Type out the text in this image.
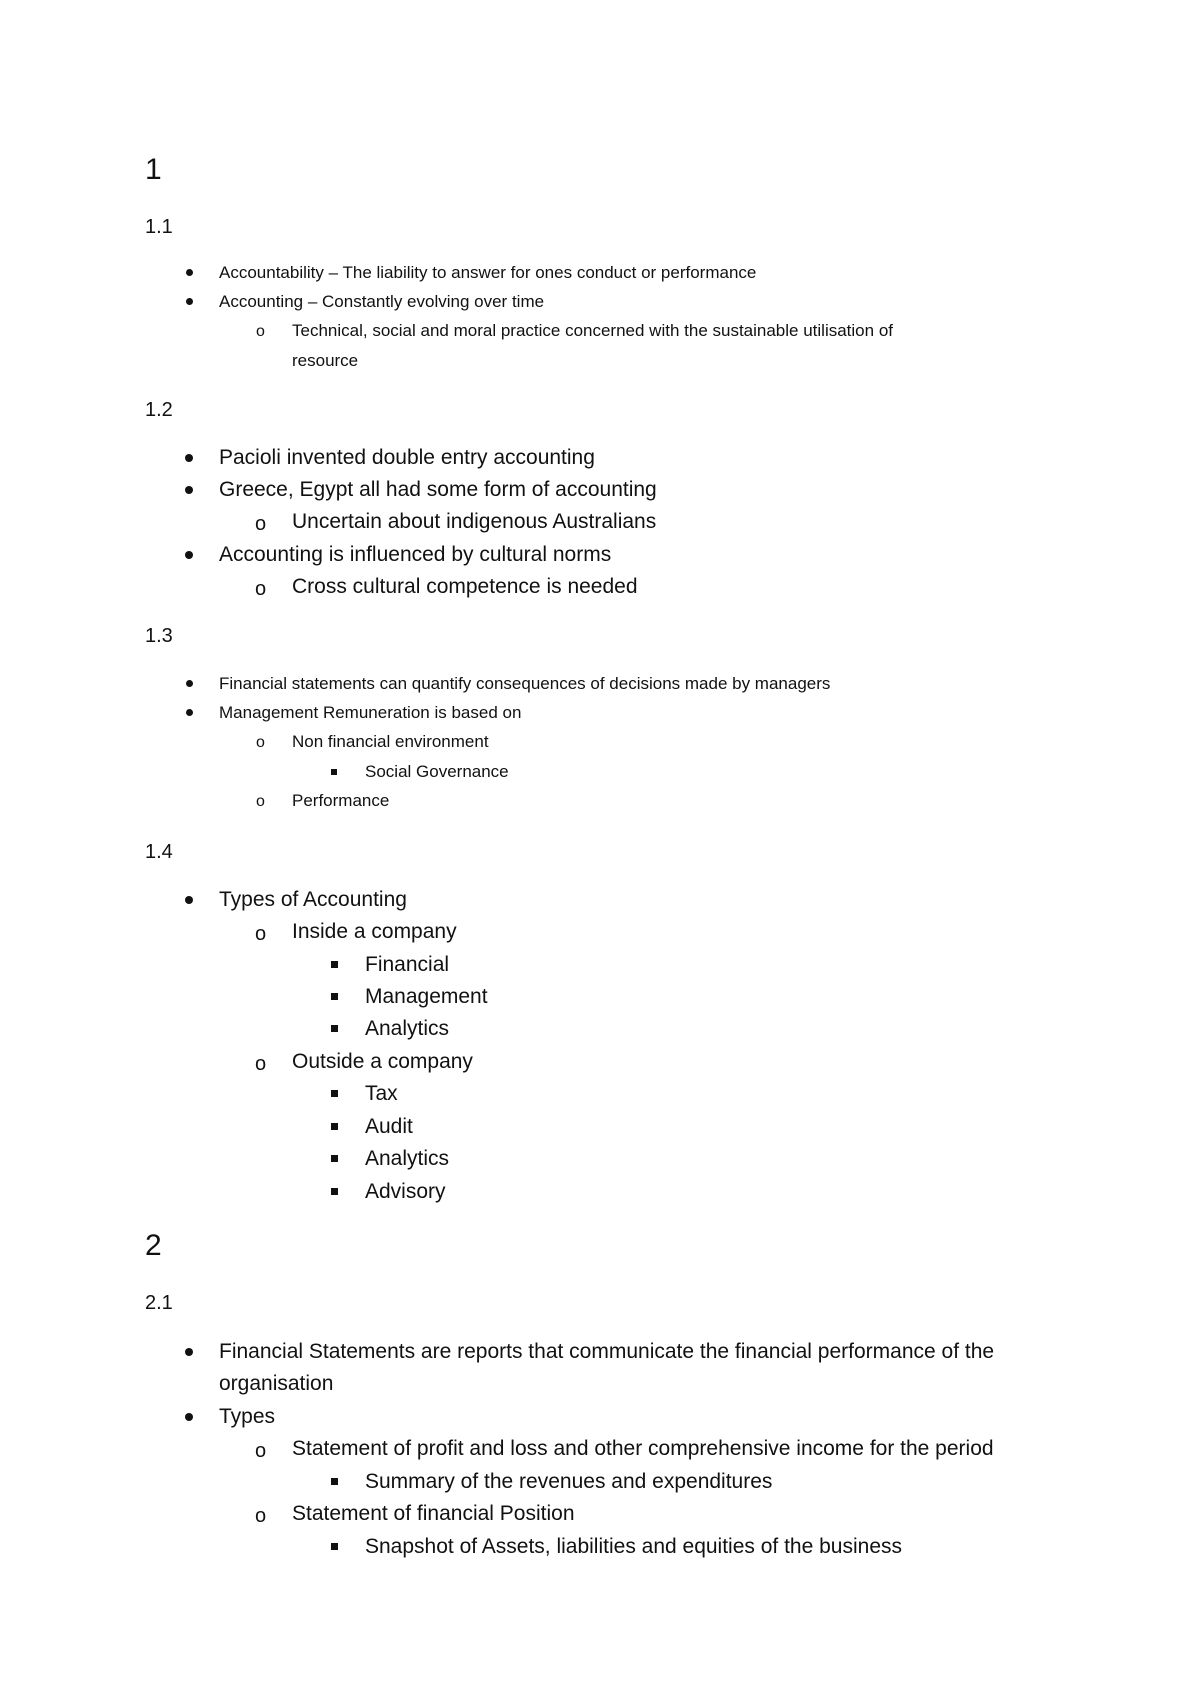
1
1.1
Accountability – The liability to answer for ones conduct or performance
Accounting – Constantly evolving over time
o Technical, social and moral practice concerned with the sustainable utilisation of
resource
1.2
Pacioli invented double entry accounting
Greece, Egypt all had some form of accounting
o Uncertain about indigenous Australians
Accounting is influenced by cultural norms
o Cross cultural competence is needed
1.3
Financial statements can quantify consequences of decisions made by managers
Management Remuneration is based on
o Non financial environment
Social Governance
o Performance
1.4
Types of Accounting
o Inside a company
Financial
Management
Analytics
o Outside a company
Tax
Audit
Analytics
Advisory
2
2.1
Financial Statements are reports that communicate the financial performance of the
organisation
Types
o Statement of profit and loss and other comprehensive income for the period
Summary of the revenues and expenditures
o Statement of financial Position
Snapshot of Assets, liabilities and equities of the business
